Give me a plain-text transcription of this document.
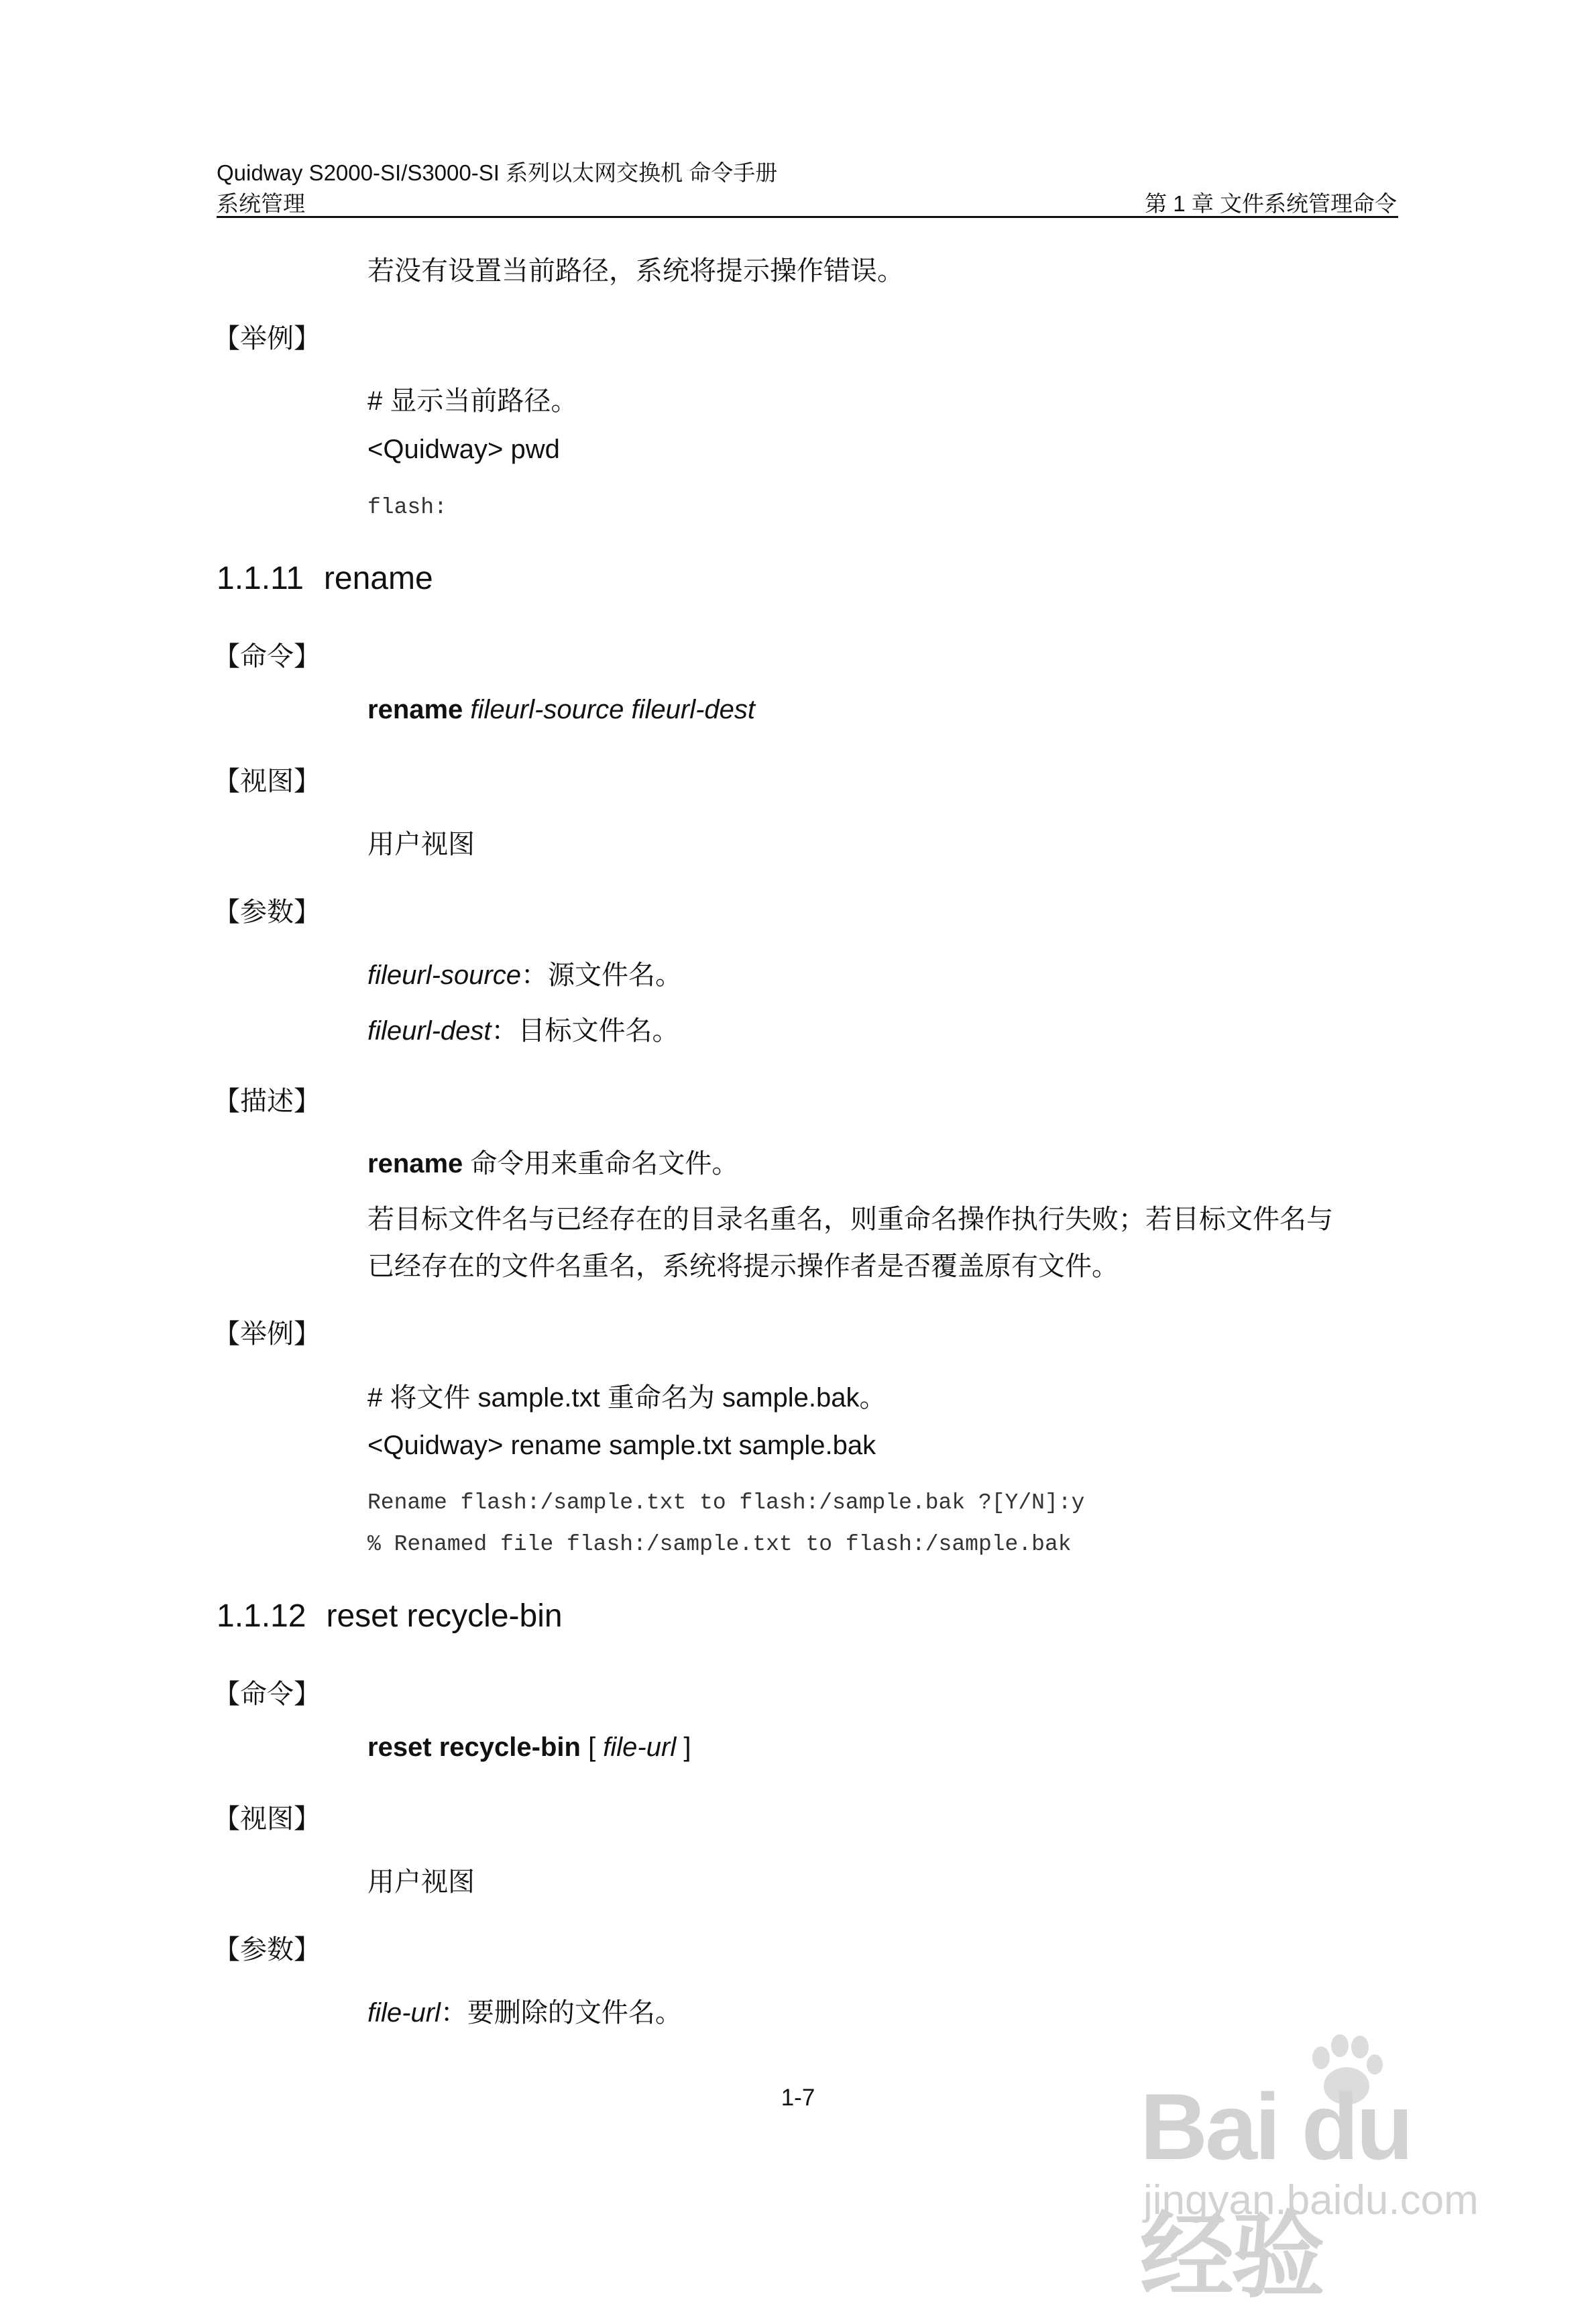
Quidway S2000-SI/S3000-SI 系列以太网交换机 命令手册
系统管理	第 1 章 文件系统管理命令
若没有设置当前路径，系统将提示操作错误。
【举例】
# 显示当前路径。
<Quidway> pwd
flash:
1.1.11 rename
【命令】
rename fileurl-source fileurl-dest
【视图】
用户视图
【参数】
fileurl-source：源文件名。
fileurl-dest：目标文件名。
【描述】
rename 命令用来重命名文件。
若目标文件名与已经存在的目录名重名，则重命名操作执行失败；若目标文件名与
已经存在的文件名重名，系统将提示操作者是否覆盖原有文件。
【举例】
# 将文件 sample.txt 重命名为 sample.bak。
<Quidway> rename sample.txt sample.bak
Rename flash:/sample.txt to flash:/sample.bak ?[Y/N]:y
% Renamed file flash:/sample.txt to flash:/sample.bak
1.1.12 reset recycle-bin
【命令】
reset recycle-bin [ file-url ]
【视图】
用户视图
【参数】
file-url：要删除的文件名。
1-7	Bai du 经验
jingyan.baidu.com
